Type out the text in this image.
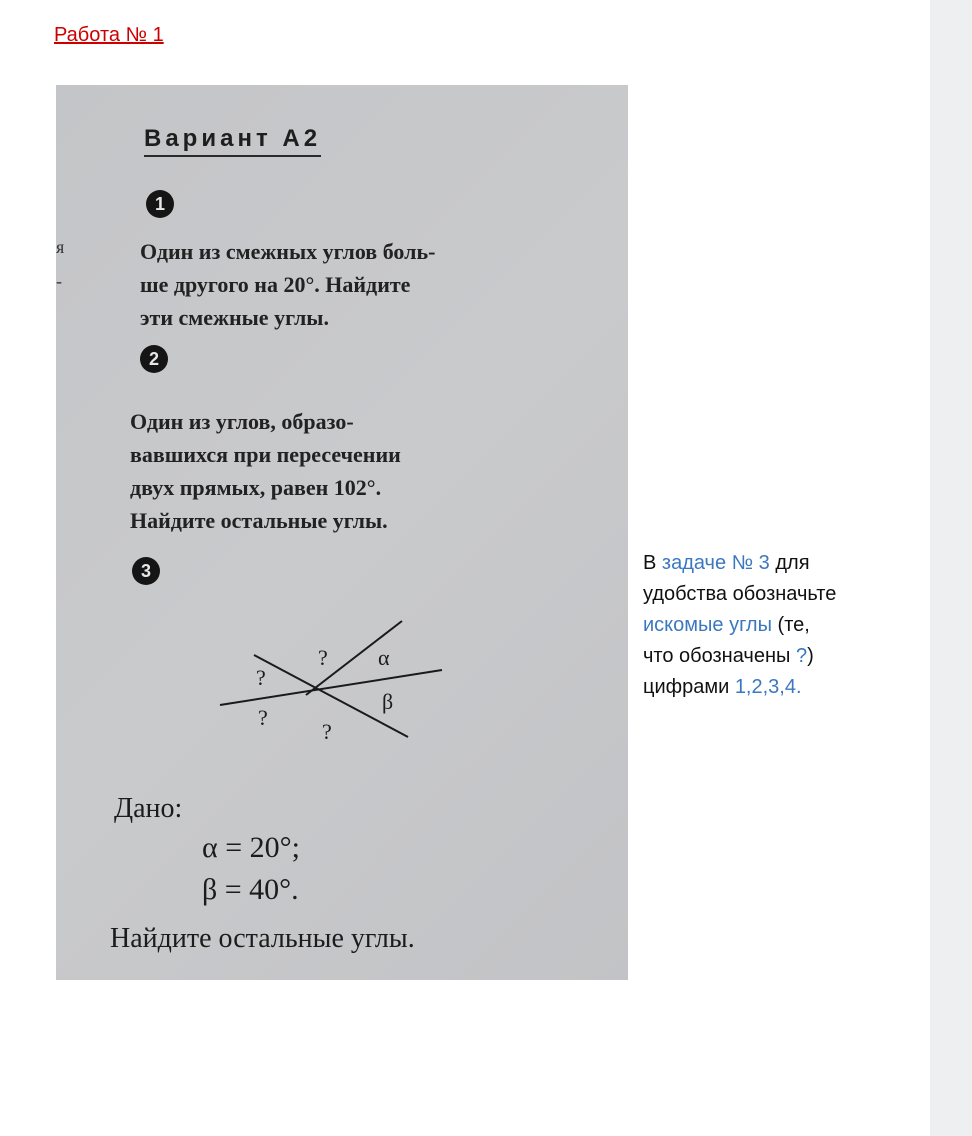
Работа № 1
я
-
Вариант А2
1
Один из смежных углов боль-
ше другого на 20°. Найдите
эти смежные углы.
2
Один из углов, образо-
вавшихся при пересечении
двух прямых, равен 102°.
Найдите остальные углы.
3
? α
?
β
?
?
Дано:
α = 20°;
β = 40°.
Найдите остальные углы.
В задаче № 3 для удобства обозначьте искомые углы (те, что обозначены ?) цифрами 1,2,3,4.
